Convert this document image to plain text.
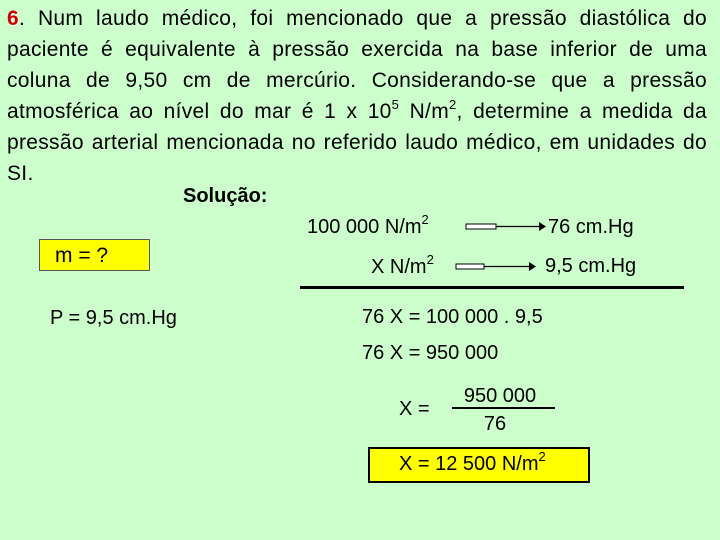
6. Num laudo médico, foi mencionado que a pressão diastólica do paciente é equivalente à pressão exercida na base inferior de uma coluna de 9,50 cm de mercúrio. Considerando-se que a pressão atmosférica ao nível do mar é 1 x $10^5$ $N/m^2$, determine a medida da pressão arterial mencionada no referido laudo médico, em unidades do SI.
Solução:
m = ?
P = 9,5 cm.Hg
100 000 $N/m^2$	76 cm.Hg
X $N/m^2$	9,5 cm.Hg
76 X = 100 000 . 9,5
76 X = 950 000
X =
950 000
76
X = 12 500 $N/m^2$
